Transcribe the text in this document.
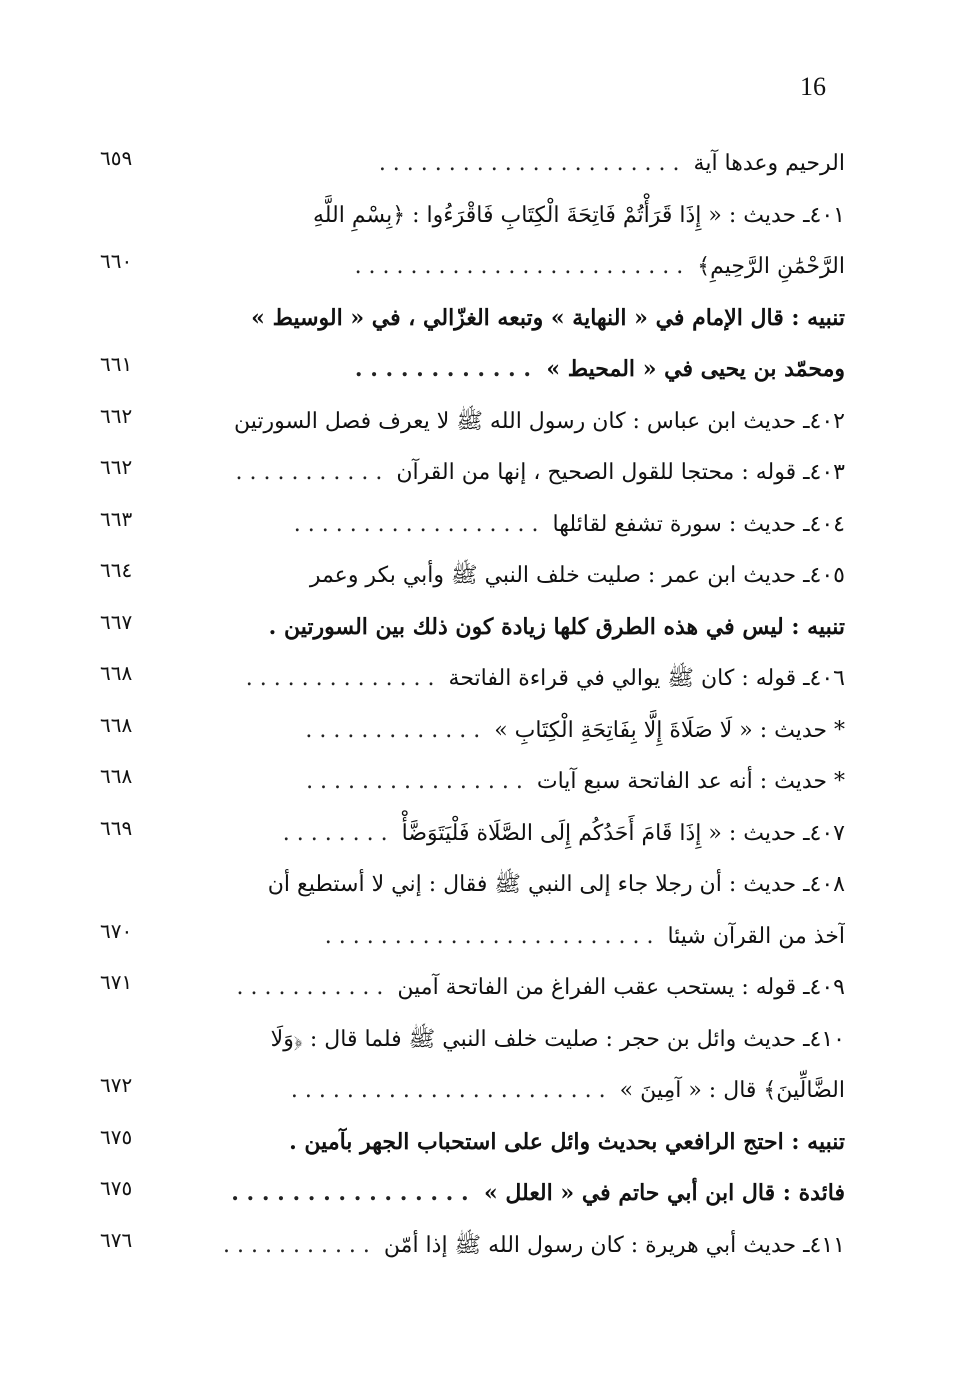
16
الرحيم وعدها آية  . . . . . . . . . . . . . . . . . . . . . .
٦٥٩
٤٠١ـ حديث : « إِذَا قَرَأْتُمْ فَاتِحَةَ الْكِتَابِ فَاقْرَءُوا : ﴿بِسْمِ اللَّهِ
الرَّحْمَٰنِ الرَّحِيمِ﴾  . . . . . . . . . . . . . . . . . . . . . . . .
٦٦٠
تنبيه : قال الإمام في « النهاية » وتبعه الغزّالي ، في « الوسيط »
ومحمّد بن يحيى في « المحيط »  . . . . . . . . . . . .
٦٦١
٤٠٢ـ حديث ابن عباس : كان رسول الله ﷺ لا يعرف فصل السورتين
٦٦٢
٤٠٣ـ قوله : محتجا للقول الصحيح ، إنها من القرآن  . . . . . . . . . . .
٦٦٢
٤٠٤ـ حديث : سورة تشفع لقائلها  . . . . . . . . . . . . . . . . . .
٦٦٣
٤٠٥ـ حديث ابن عمر : صليت خلف النبي ﷺ وأبي بكر وعمر
٦٦٤
تنبيه : ليس في هذه الطرق كلها زيادة كون ذلك بين السورتين .
٦٦٧
٤٠٦ـ قوله : كان ﷺ يوالي في قراءة الفاتحة  . . . . . . . . . . . . . .
٦٦٨
* حديث : « لَا صَلَاةَ إِلَّا بِفَاتِحَةِ الْكِتَابِ »  . . . . . . . . . . . . .
٦٦٨
* حديث : أنه عد الفاتحة سبع آيات  . . . . . . . . . . . . . . . .
٦٦٨
٤٠٧ـ حديث : « إِذَا قَامَ أَحَدُكُم إِلَى الصَّلَاة فَلْيَتَوَضَّأْ  . . . . . . . .
٦٦٩
٤٠٨ـ حديث : أن رجلا جاء إلى النبي ﷺ فقال : إني لا أستطيع أن
آخذ من القرآن شيئا  . . . . . . . . . . . . . . . . . . . . . . . .
٦٧٠
٤٠٩ـ قوله : يستحب عقب الفراغ من الفاتحة آمين  . . . . . . . . . . .
٦٧١
٤١٠ـ حديث وائل بن حجر : صليت خلف النبي ﷺ فلما قال : ﴿وَلَا
الضَّالِّينَ﴾ قال : « آمِينَ »  . . . . . . . . . . . . . . . . . . . . . . .
٦٧٢
تنبيه : احتج الرافعي بحديث وائل على استحباب الجهر بآمين .
٦٧٥
فائدة : قال ابن أبي حاتم في « العلل »  . . . . . . . . . . . . . . . .
٦٧٥
٤١١ـ حديث أبي هريرة : كان رسول الله ﷺ إذا أمّن  . . . . . . . . . . .
٦٧٦
